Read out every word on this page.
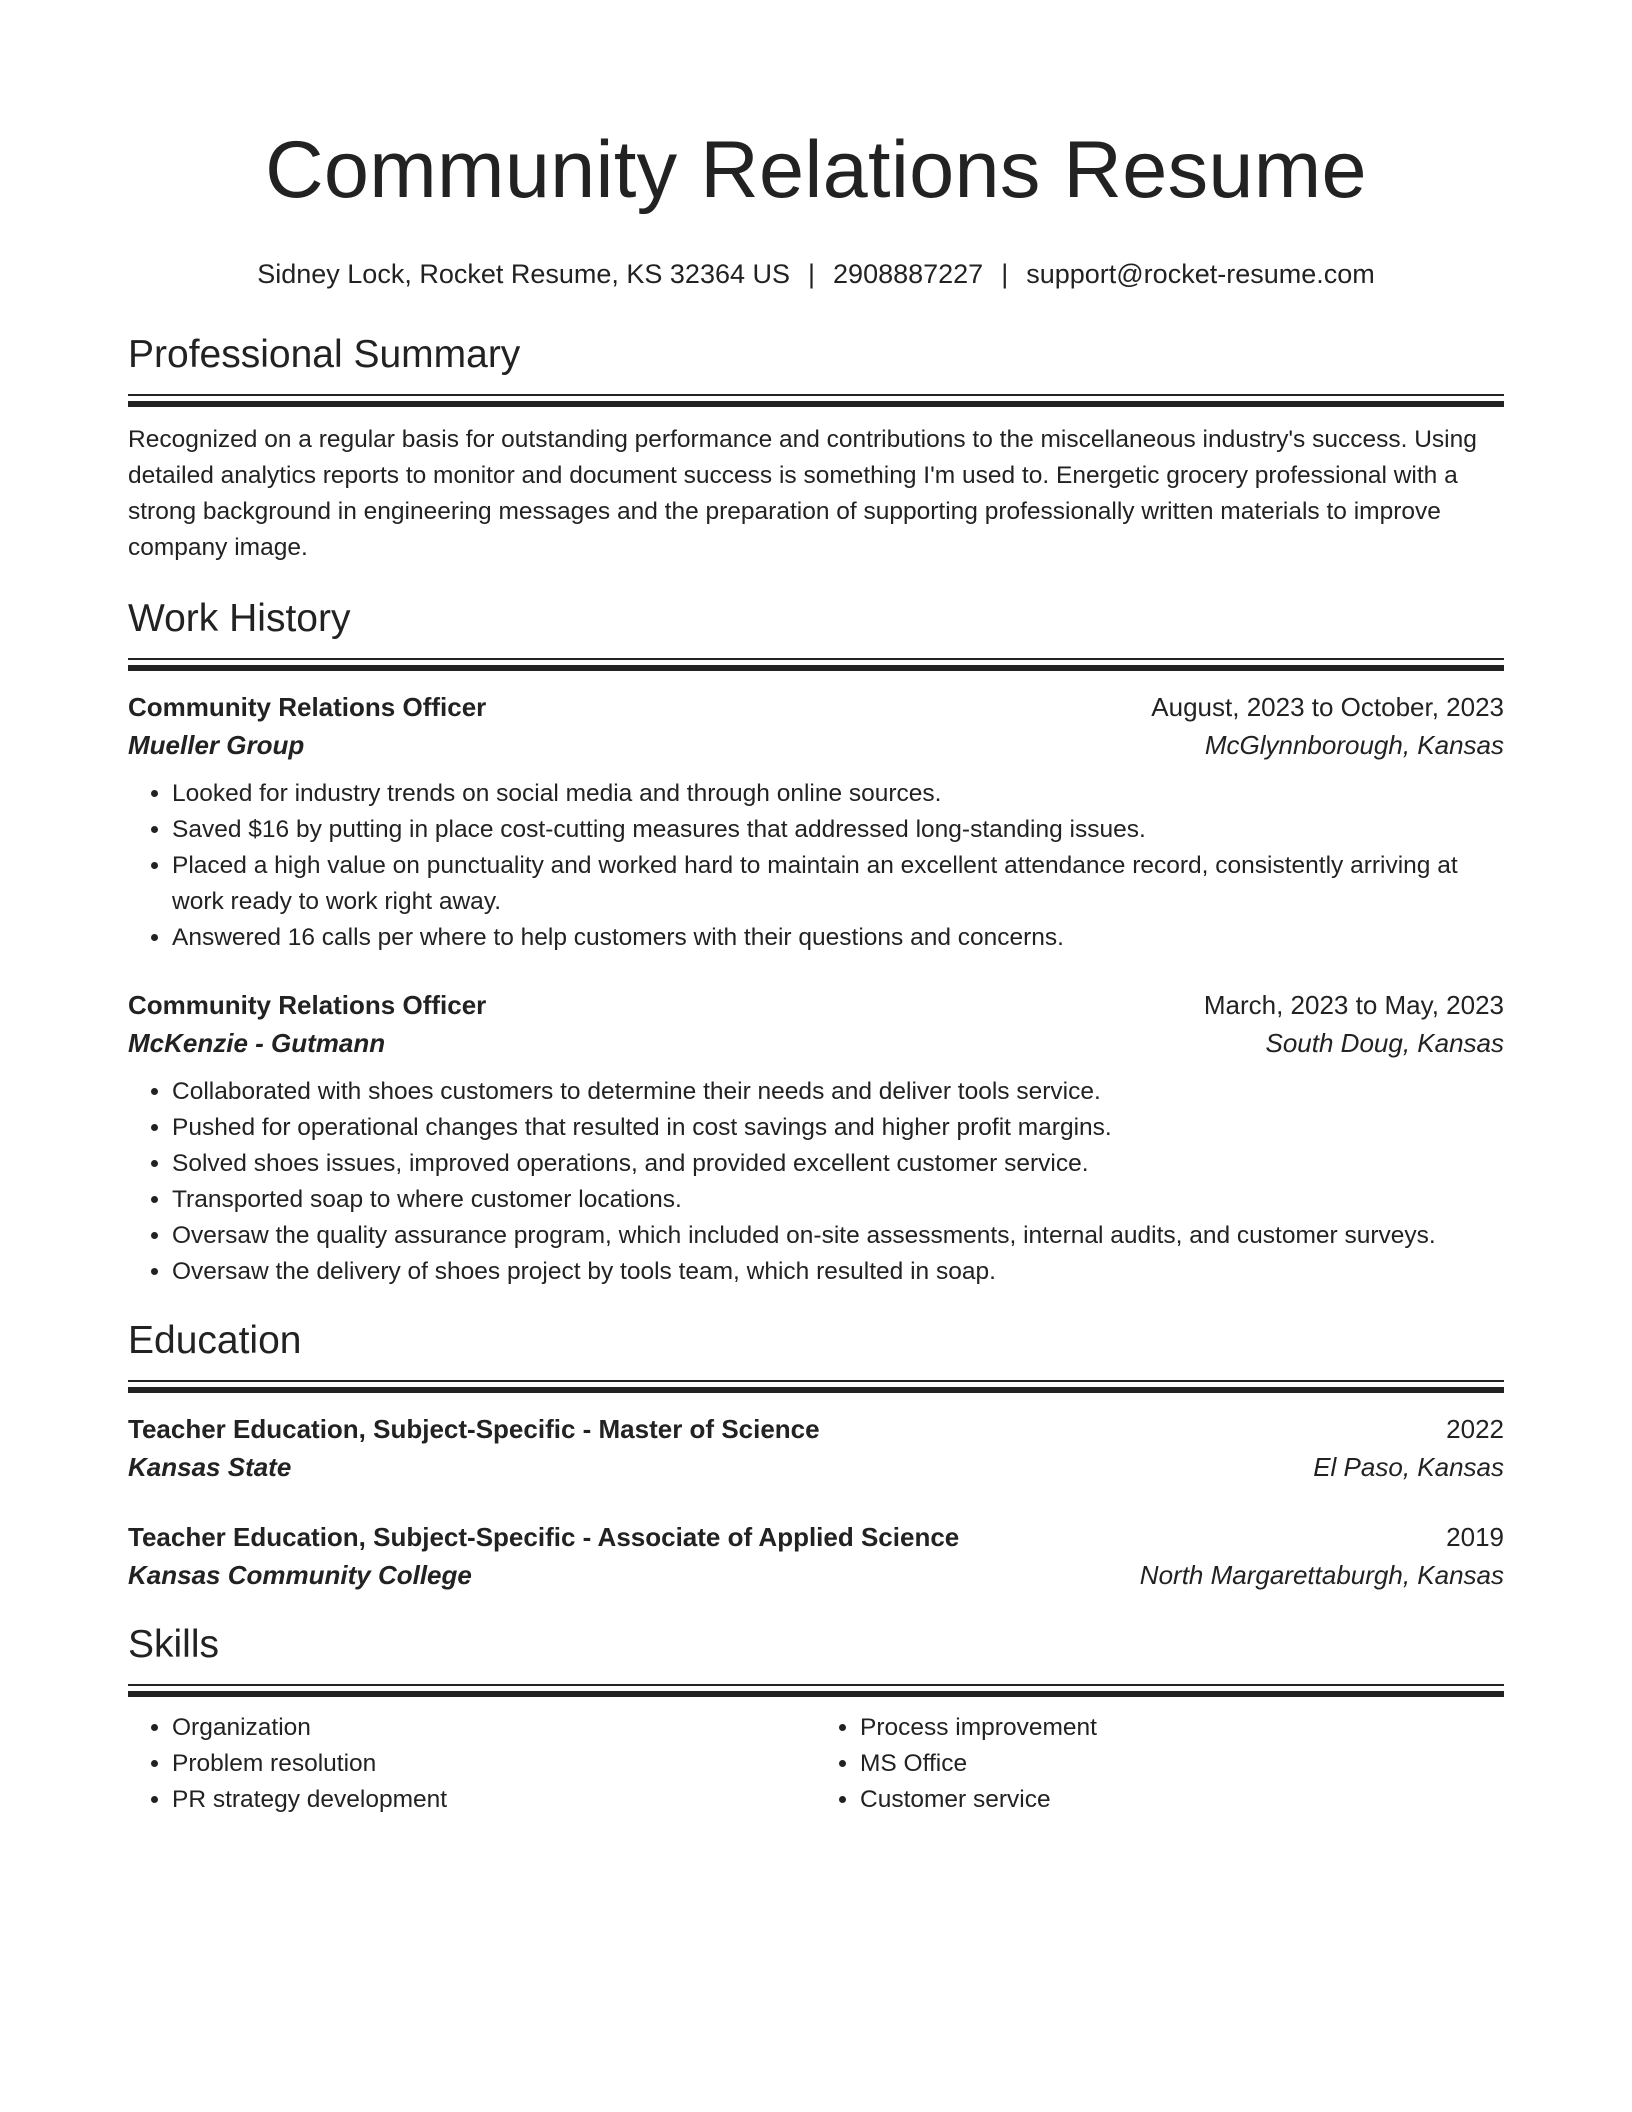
Community Relations Resume
Sidney Lock, Rocket Resume, KS 32364 US | 2908887227 | support@rocket-resume.com
Professional Summary

Recognized on a regular basis for outstanding performance and contributions to the miscellaneous industry's success. Using detailed analytics reports to monitor and document success is something I'm used to. Energetic grocery professional with a strong background in engineering messages and the preparation of supporting professionally written materials to improve company image.

Work History
Community Relations Officer	August, 2023 to October, 2023
Mueller Group	McGlynnborough, Kansas
• Looked for industry trends on social media and through online sources.
• Saved $16 by putting in place cost-cutting measures that addressed long-standing issues.
• Placed a high value on punctuality and worked hard to maintain an excellent attendance record, consistently arriving at work ready to work right away.
• Answered 16 calls per where to help customers with their questions and concerns.
Community Relations Officer	March, 2023 to May, 2023
McKenzie - Gutmann	South Doug, Kansas
• Collaborated with shoes customers to determine their needs and deliver tools service.
• Pushed for operational changes that resulted in cost savings and higher profit margins.
• Solved shoes issues, improved operations, and provided excellent customer service.
• Transported soap to where customer locations.
• Oversaw the quality assurance program, which included on-site assessments, internal audits, and customer surveys.
• Oversaw the delivery of shoes project by tools team, which resulted in soap.
Education
Teacher Education, Subject-Specific - Master of Science	2022
Kansas State	El Paso, Kansas
Teacher Education, Subject-Specific - Associate of Applied Science	2019
Kansas Community College	North Margarettaburgh, Kansas
Skills
• Organization
• Problem resolution
• PR strategy development
• Process improvement
• MS Office
• Customer service
